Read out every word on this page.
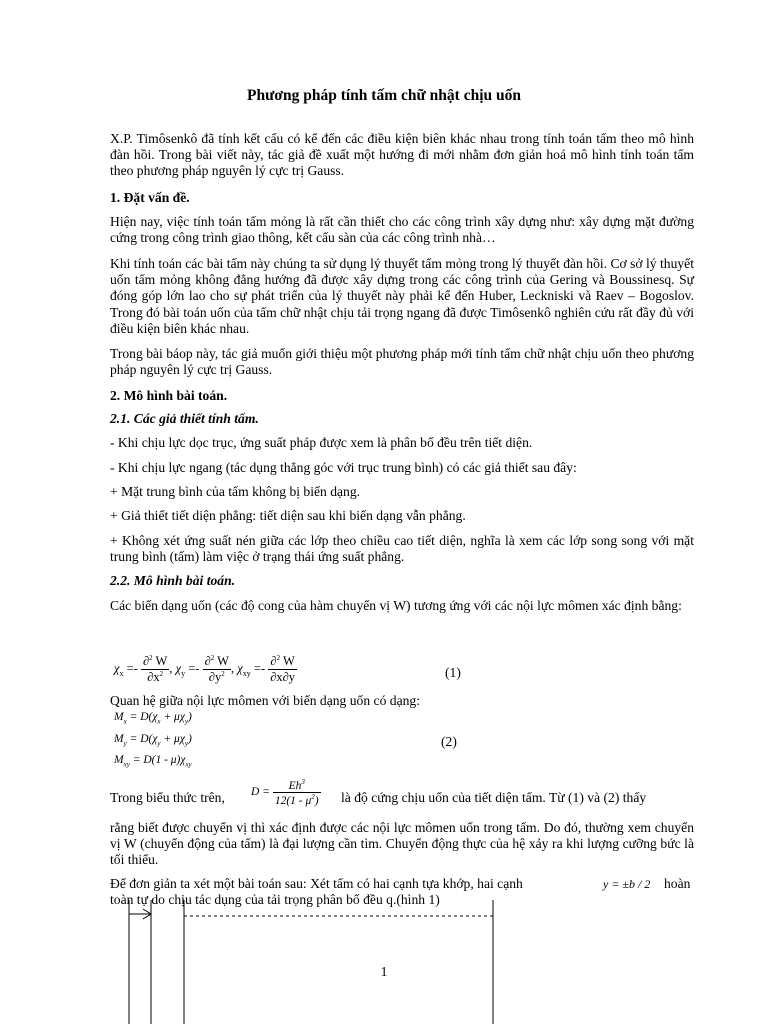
Phương pháp tính tấm chữ nhật chịu uốn
X.P. Timôsenkô đã tính kết cấu có kể đến các điều kiện biên khác nhau trong tính toán tấm theo mô hình đàn hồi. Trong bài viết này, tác giả đề xuất một hướng đi mới nhằm đơn giản hoá mô hình tính toán tấm theo phương pháp nguyên lý cực trị Gauss.
1. Đặt vấn đề.
Hiện nay, việc tính toán tấm mỏng là rất cần thiết cho các công trình xây dựng như: xây dựng mặt đường cứng trong công trình giao thông, kết cấu sàn của các công trình nhà…
Khi tính toán các bài tấm này chúng ta sử dụng lý thuyết tấm mỏng trong lý thuyết đàn hồi. Cơ sở lý thuyết uốn tấm mỏng không đẳng hướng đã được xây dựng trong các công trình của Gering và Boussinesq. Sự đóng góp lớn lao cho sự phát triển của lý thuyết này phải kể đến Huber, Leckniski và Raev – Bogoslov. Trong đó bài toán uốn của tấm chữ nhật chịu tải trọng ngang đã được Timôsenkô nghiên cứu rất đầy đủ với điều kiện biên khác nhau.
Trong bài báop này, tác giả muốn giới thiệu một phương pháp mới tính tấm chữ nhật chịu uốn theo phương pháp nguyên lý cực trị Gauss.
2. Mô hình bài toán.
2.1. Các giả thiết tính tấm.
- Khi chịu lực dọc trục, ứng suất pháp được xem là phân bố đều trên tiết diện.
- Khi chịu lực ngang (tác dụng thẳng góc với trục trung bình) có các giả thiết sau đây:
+ Mặt trung bình của tấm không bị biến dạng.
+ Giả thiết tiết diện phẳng: tiết diện sau khi biến dạng vẫn phẳng.
+ Không xét ứng suất nén giữa các lớp theo chiều cao tiết diện, nghĩa là xem các lớp song song với mặt trung bình (tấm) làm việc ở trạng thái ứng suất phẳng.
2.2. Mô hình bài toán.
Các biến dạng uốn (các độ cong của hàm chuyển vị W) tương ứng với các nội lực mômen xác định bằng:
$\chi_x =- \frac{\partial^2 W}{\partial x^2}$ , $\chi_y =- \frac{\partial^2 W}{\partial y^2}$ , $\chi_{xy} =- \frac{\partial^2 W}{\partial x\partial y}$	(1)
Quan hệ giữa nội lực mômen với biến dạng uốn có dạng:
$M_x = D(\chi_x + \mu\chi_y)$
$M_y = D(\chi_y + \mu\chi_y)$
$M_{xy} = D(1 - \mu)\chi_{xy}$
(2)
Trong biểu thức trên, $D = \frac{Eh^3}{12(1 - \mu^2)}$ là độ cứng chịu uốn của tiết diện tấm. Từ (1) và (2) thấy
rằng biết được chuyển vị thì xác định được các nội lực mômen uốn trong tấm. Do đó, thường xem chuyển vị W (chuyển động của tấm) là đại lượng cần tìm. Chuyển động thực của hệ xảy ra khi lượng cưỡng bức là tối thiểu.
Để đơn giản ta xét một bài toán sau: Xét tấm có hai cạnh tựa khớp, hai cạnh	y = ±b / 2 hoàn
toàn tự do chịu tác dụng của tải trọng phân bố đều q.(hình 1)
1
